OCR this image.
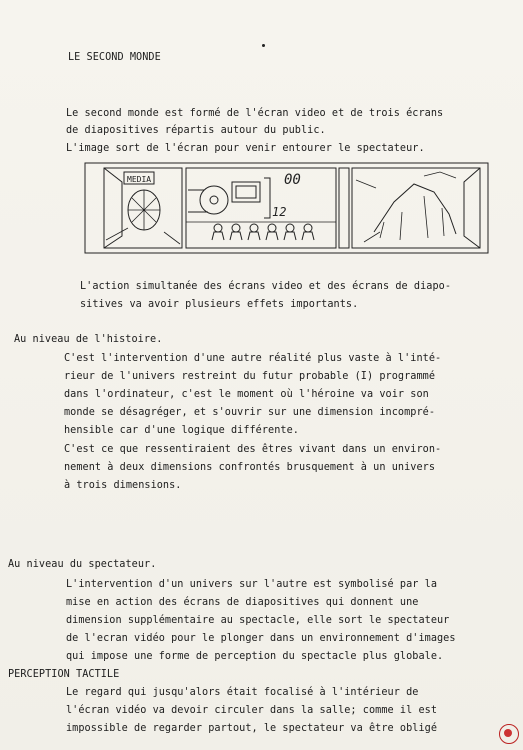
LE SECOND MONDE
Le second monde est formé de l'écran video et de trois écrans
de diapositives répartis autour du public.
L'image sort de l'écran pour venir entourer le spectateur.
MEDIA	00
12
L'action simultanée des écrans video et des écrans de diapo-
sitives va avoir plusieurs effets importants.
Au niveau de l'histoire.
C'est l'intervention d'une autre réalité plus vaste à l'inté-
rieur de l'univers restreint du futur probable (I) programmé
dans l'ordinateur, c'est le moment où l'héroine va voir son
monde se désagréger, et s'ouvrir sur une dimension incompré-
hensible car d'une logique différente.
C'est ce que ressentiraient des êtres vivant dans un environ-
nement à deux dimensions confrontés brusquement à un univers
à trois dimensions.
Au niveau du spectateur.
L'intervention d'un univers sur l'autre est symbolisé par la
mise en action des écrans de diapositives qui donnent une
dimension supplémentaire au spectacle, elle sort le spectateur
de l'ecran vidéo pour le plonger dans un environnement d'images
qui impose une forme de perception du spectacle plus globale.
PERCEPTION TACTILE
Le regard qui jusqu'alors était focalisé à l'intérieur de
l'écran vidéo va devoir circuler dans la salle; comme il est
impossible de regarder partout, le spectateur va être obligé
